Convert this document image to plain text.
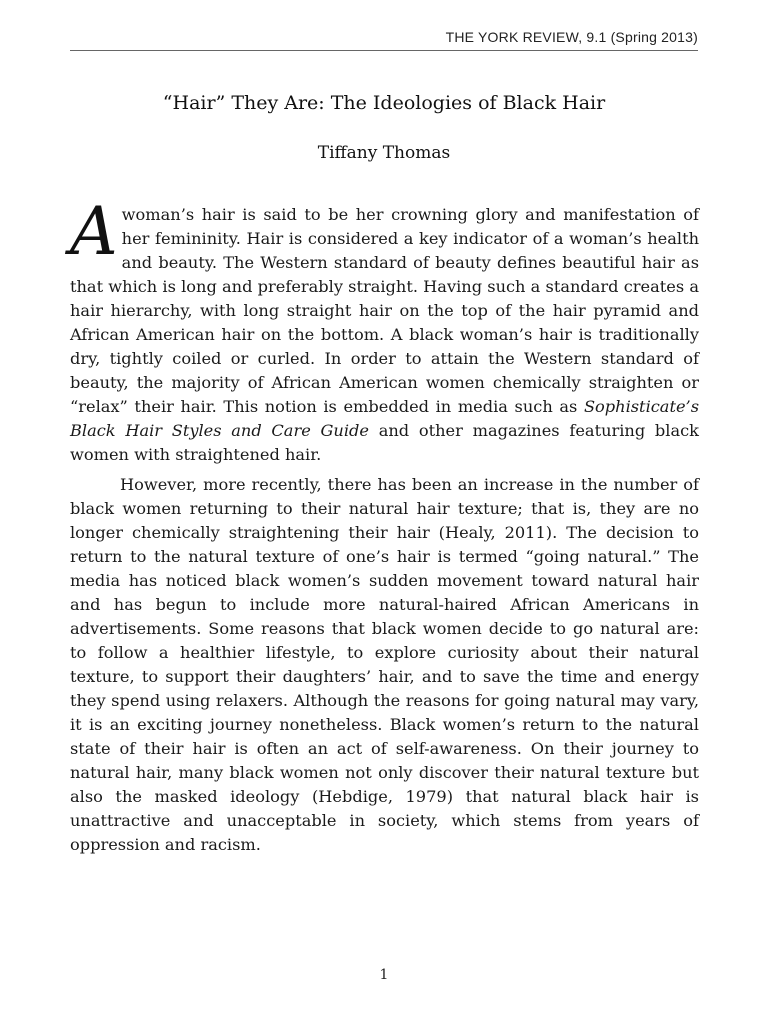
THE YORK REVIEW, 9.1 (Spring 2013)
“Hair” They Are: The Ideologies of Black Hair
Tiffany Thomas

A woman’s hair is said to be her crowning glory and manifestation of her femininity. Hair is considered a key indicator of a woman’s health and beauty. The Western standard of beauty defines beautiful hair as that which is long and preferably straight. Having such a standard creates a hair hierarchy, with long straight hair on the top of the hair pyramid and African American hair on the bottom. A black woman’s hair is traditionally dry, tightly coiled or curled. In order to attain the Western standard of beauty, the majority of African American women chemically straighten or “relax” their hair. This notion is embedded in media such as Sophisticate’s Black Hair Styles and Care Guide and other magazines featuring black women with straightened hair.

However, more recently, there has been an increase in the number of black women returning to their natural hair texture; that is, they are no longer chemically straightening their hair (Healy, 2011). The decision to return to the natural texture of one’s hair is termed “going natural.” The media has noticed black women’s sudden movement toward natural hair and has begun to include more natural-haired African Americans in advertisements. Some reasons that black women decide to go natural are: to follow a healthier lifestyle, to explore curiosity about their natural texture, to support their daughters’ hair, and to save the time and energy they spend using relaxers. Although the reasons for going natural may vary, it is an exciting journey nonetheless. Black women’s return to the natural state of their hair is often an act of self-awareness. On their journey to natural hair, many black women not only discover their natural texture but also the masked ideology (Hebdige, 1979) that natural black hair is unattractive and unacceptable in society, which stems from years of oppression and racism.

1
